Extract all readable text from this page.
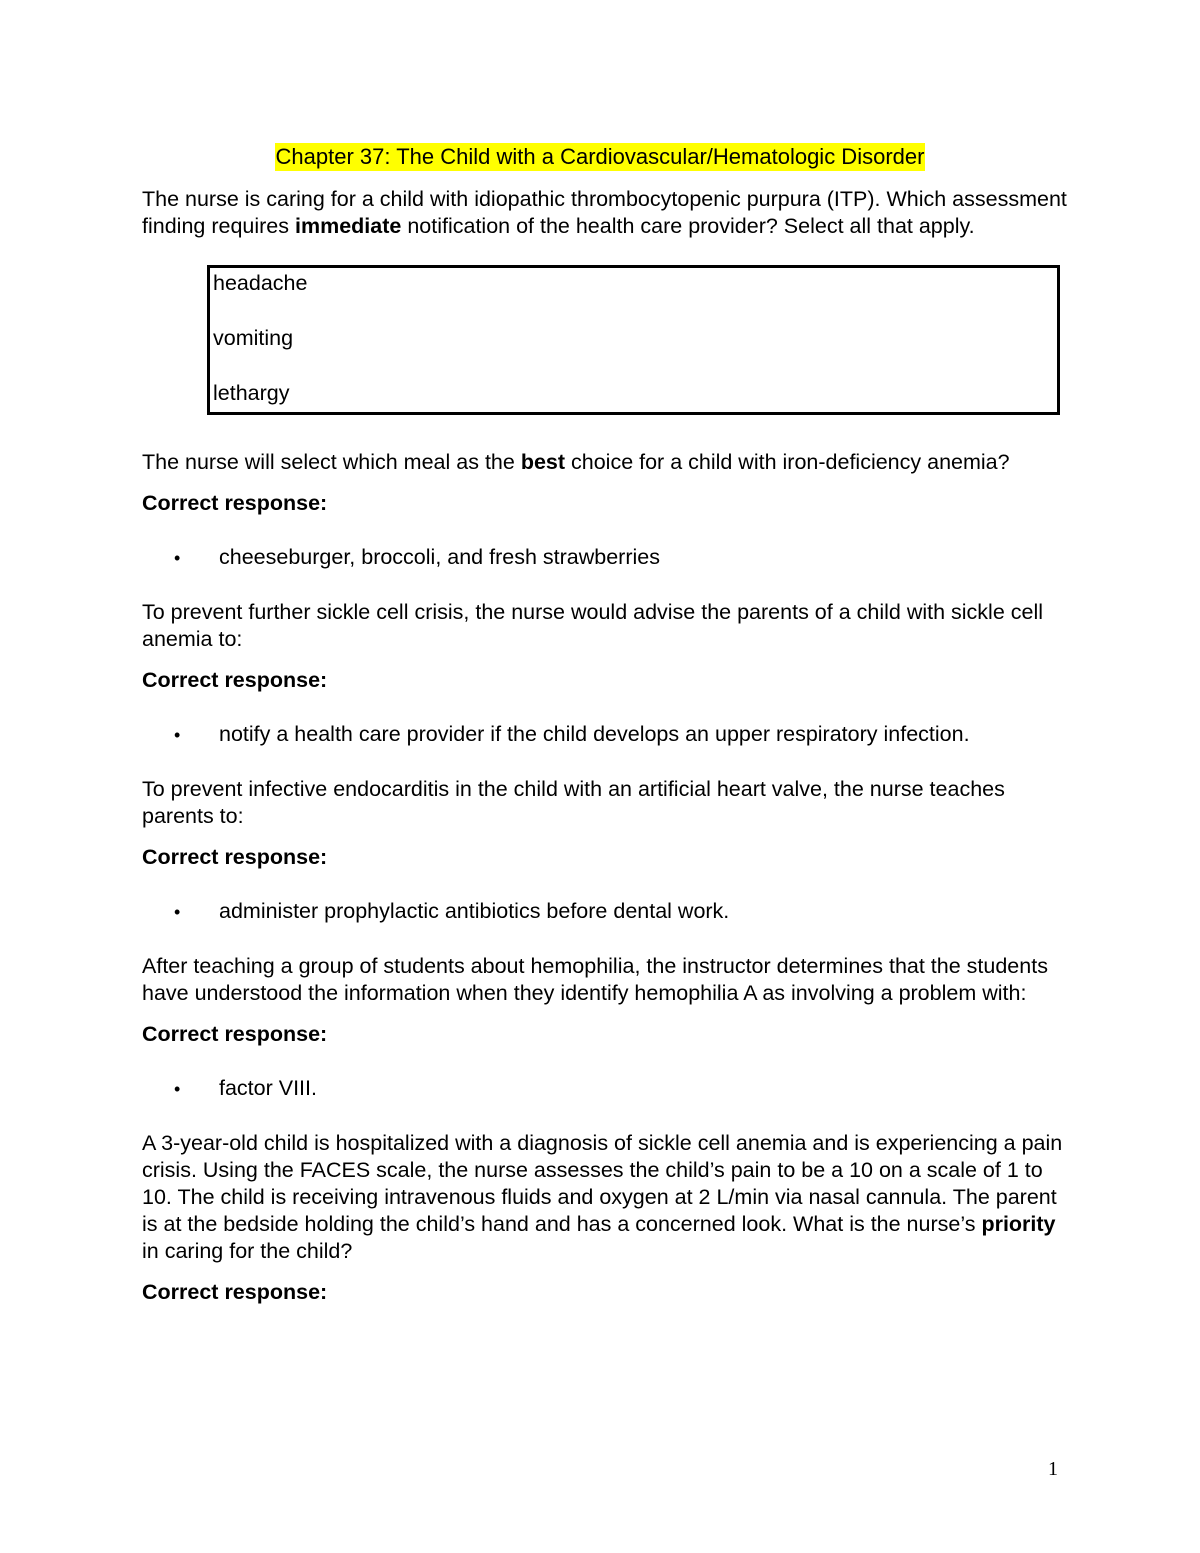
Chapter 37: The Child with a Cardiovascular/Hematologic Disorder

The nurse is caring for a child with idiopathic thrombocytopenic purpura (ITP). Which assessment finding requires immediate notification of the health care provider? Select all that apply.

headache
vomiting
lethargy

The nurse will select which meal as the best choice for a child with iron-deficiency anemia?

Correct response:

•	cheeseburger, broccoli, and fresh strawberries

To prevent further sickle cell crisis, the nurse would advise the parents of a child with sickle cell anemia to:

Correct response:

•	notify a health care provider if the child develops an upper respiratory infection.

To prevent infective endocarditis in the child with an artificial heart valve, the nurse teaches parents to:

Correct response:

•	administer prophylactic antibiotics before dental work.

After teaching a group of students about hemophilia, the instructor determines that the students have understood the information when they identify hemophilia A as involving a problem with:

Correct response:

•	factor VIII.

A 3-year-old child is hospitalized with a diagnosis of sickle cell anemia and is experiencing a pain crisis. Using the FACES scale, the nurse assesses the child’s pain to be a 10 on a scale of 1 to 10. The child is receiving intravenous fluids and oxygen at 2 L/min via nasal cannula. The parent is at the bedside holding the child’s hand and has a concerned look. What is the nurse’s priority in caring for the child?

Correct response:

1
